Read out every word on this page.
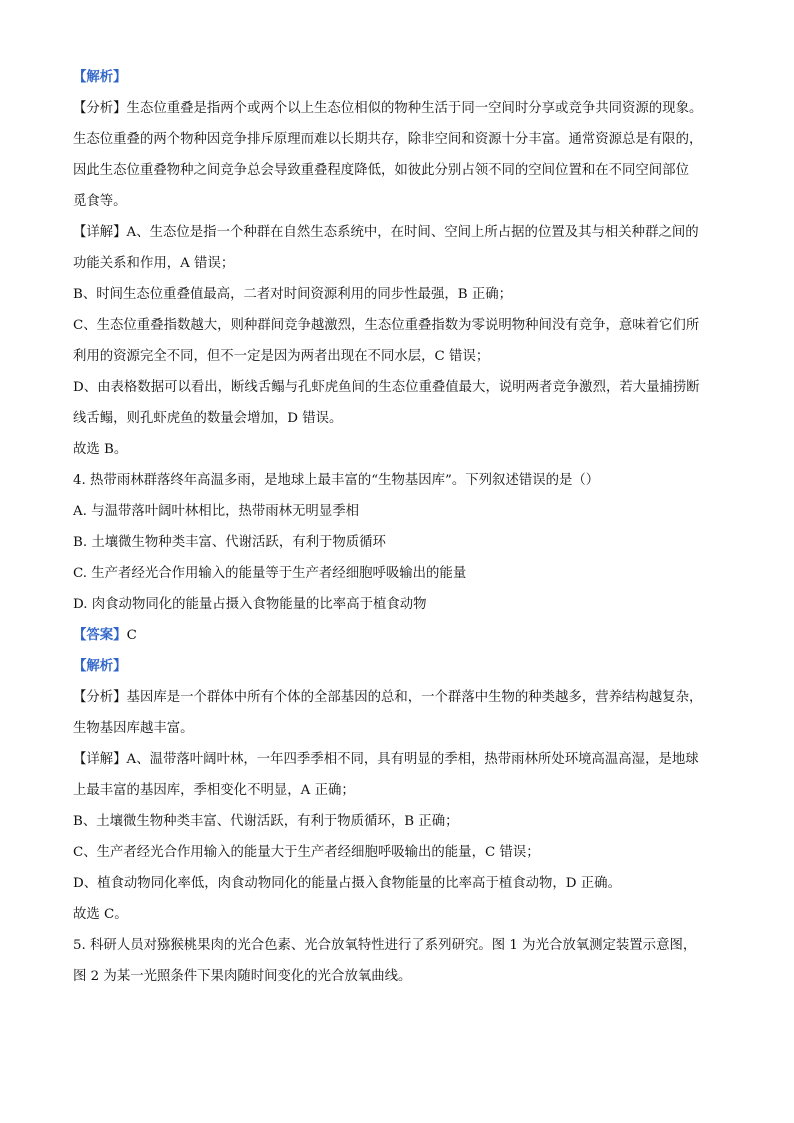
【解析】
【分析】生态位重叠是指两个或两个以上生态位相似的物种生活于同一空间时分享或竞争共同资源的现象。
生态位重叠的两个物种因竞争排斥原理而难以长期共存，除非空间和资源十分丰富。通常资源总是有限的，
因此生态位重叠物种之间竞争总会导致重叠程度降低，如彼此分别占领不同的空间位置和在不同空间部位
觅食等。
【详解】A、生态位是指一个种群在自然生态系统中，在时间、空间上所占据的位置及其与相关种群之间的
功能关系和作用，A 错误；
B、时间生态位重叠值最高，二者对时间资源利用的同步性最强，B 正确；
C、生态位重叠指数越大，则种群间竞争越激烈，生态位重叠指数为零说明物种间没有竞争，意味着它们所
利用的资源完全不同，但不一定是因为两者出现在不同水层，C 错误；
D、由表格数据可以看出，断线舌鳎与孔虾虎鱼间的生态位重叠值最大，说明两者竞争激烈，若大量捕捞断
线舌鳎，则孔虾虎鱼的数量会增加，D 错误。
故选 B。
4. 热带雨林群落终年高温多雨，是地球上最丰富的“生物基因库”。下列叙述错误的是（）
A. 与温带落叶阔叶林相比，热带雨林无明显季相
B. 土壤微生物种类丰富、代谢活跃，有利于物质循环
C. 生产者经光合作用输入的能量等于生产者经细胞呼吸输出的能量
D. 肉食动物同化的能量占摄入食物能量的比率高于植食动物
【答案】C
【解析】
【分析】基因库是一个群体中所有个体的全部基因的总和，一个群落中生物的种类越多，营养结构越复杂，
生物基因库越丰富。
【详解】A、温带落叶阔叶林，一年四季季相不同，具有明显的季相，热带雨林所处环境高温高湿，是地球
上最丰富的基因库，季相变化不明显，A 正确；
B、土壤微生物种类丰富、代谢活跃，有利于物质循环，B 正确；
C、生产者经光合作用输入的能量大于生产者经细胞呼吸输出的能量，C 错误；
D、植食动物同化率低，肉食动物同化的能量占摄入食物能量的比率高于植食动物，D 正确。
故选 C。
5. 科研人员对猕猴桃果肉的光合色素、光合放氧特性进行了系列研究。图 1 为光合放氧测定装置示意图，
图 2 为某一光照条件下果肉随时间变化的光合放氧曲线。
